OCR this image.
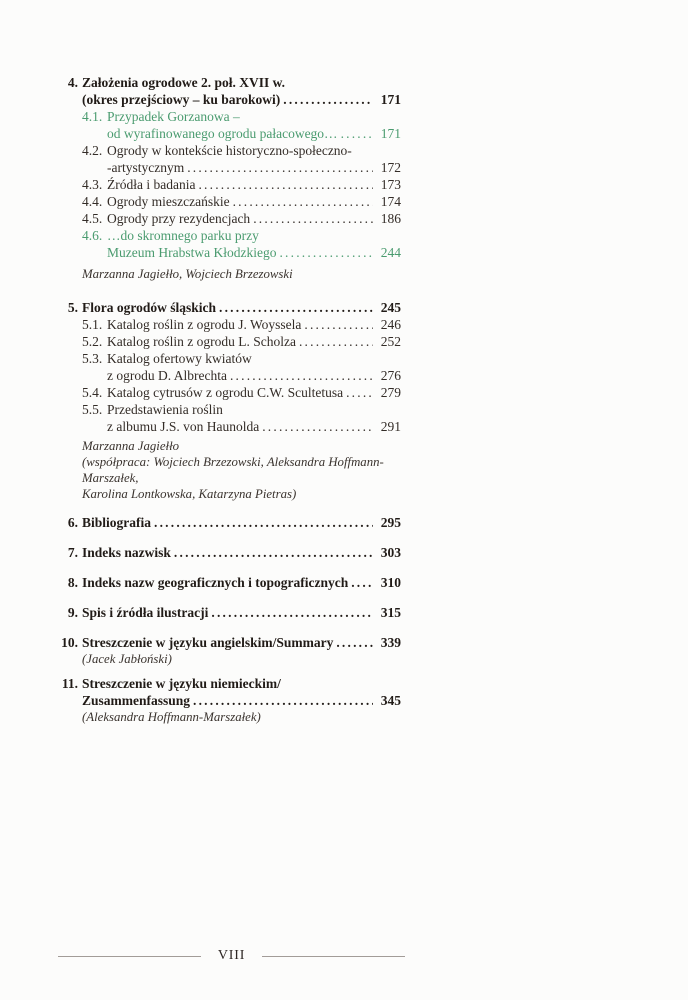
4. Założenia ogrodowe 2. poł. XVII w.
(okres przejściowy – ku barokowi) .....	171
4.1. Przypadek Gorzanowa –
od wyrafinowanego ogrodu pałacowego… .....	171
4.2. Ogrody w kontekście historyczno-społeczno-
-artystycznym .....	172
4.3. Źródła i badania .....	173
4.4. Ogrody mieszczańskie .....	174
4.5. Ogrody przy rezydencjach .....	186
4.6. …do skromnego parku przy
Muzeum Hrabstwa Kłodzkiego .....	244
Marzanna Jagiełło, Wojciech Brzezowski
5. Flora ogrodów śląskich .....	245
5.1. Katalog roślin z ogrodu J. Woyssela .....	246
5.2. Katalog roślin z ogrodu L. Scholza .....	252
5.3. Katalog ofertowy kwiatów
z ogrodu D. Albrechta .....	276
5.4. Katalog cytrusów z ogrodu C.W. Scultetusa .....	279
5.5. Przedstawienia roślin
z albumu J.S. von Haunolda .....	291
Marzanna Jagiełło
(współpraca: Wojciech Brzezowski, Aleksandra Hoffmann-Marszałek,
Karolina Lontkowska, Katarzyna Pietras)
6. Bibliografia .....	295
7. Indeks nazwisk .....	303
8. Indeks nazw geograficznych i topograficznych ..... 310
9. Spis i źródła ilustracji .....	315
10. Streszczenie w języku angielskim/Summary .....	339
(Jacek Jabłoński)
11. Streszczenie w języku niemieckim/
Zusammenfassung .....	345
(Aleksandra Hoffmann-Marszałek)
VIII
